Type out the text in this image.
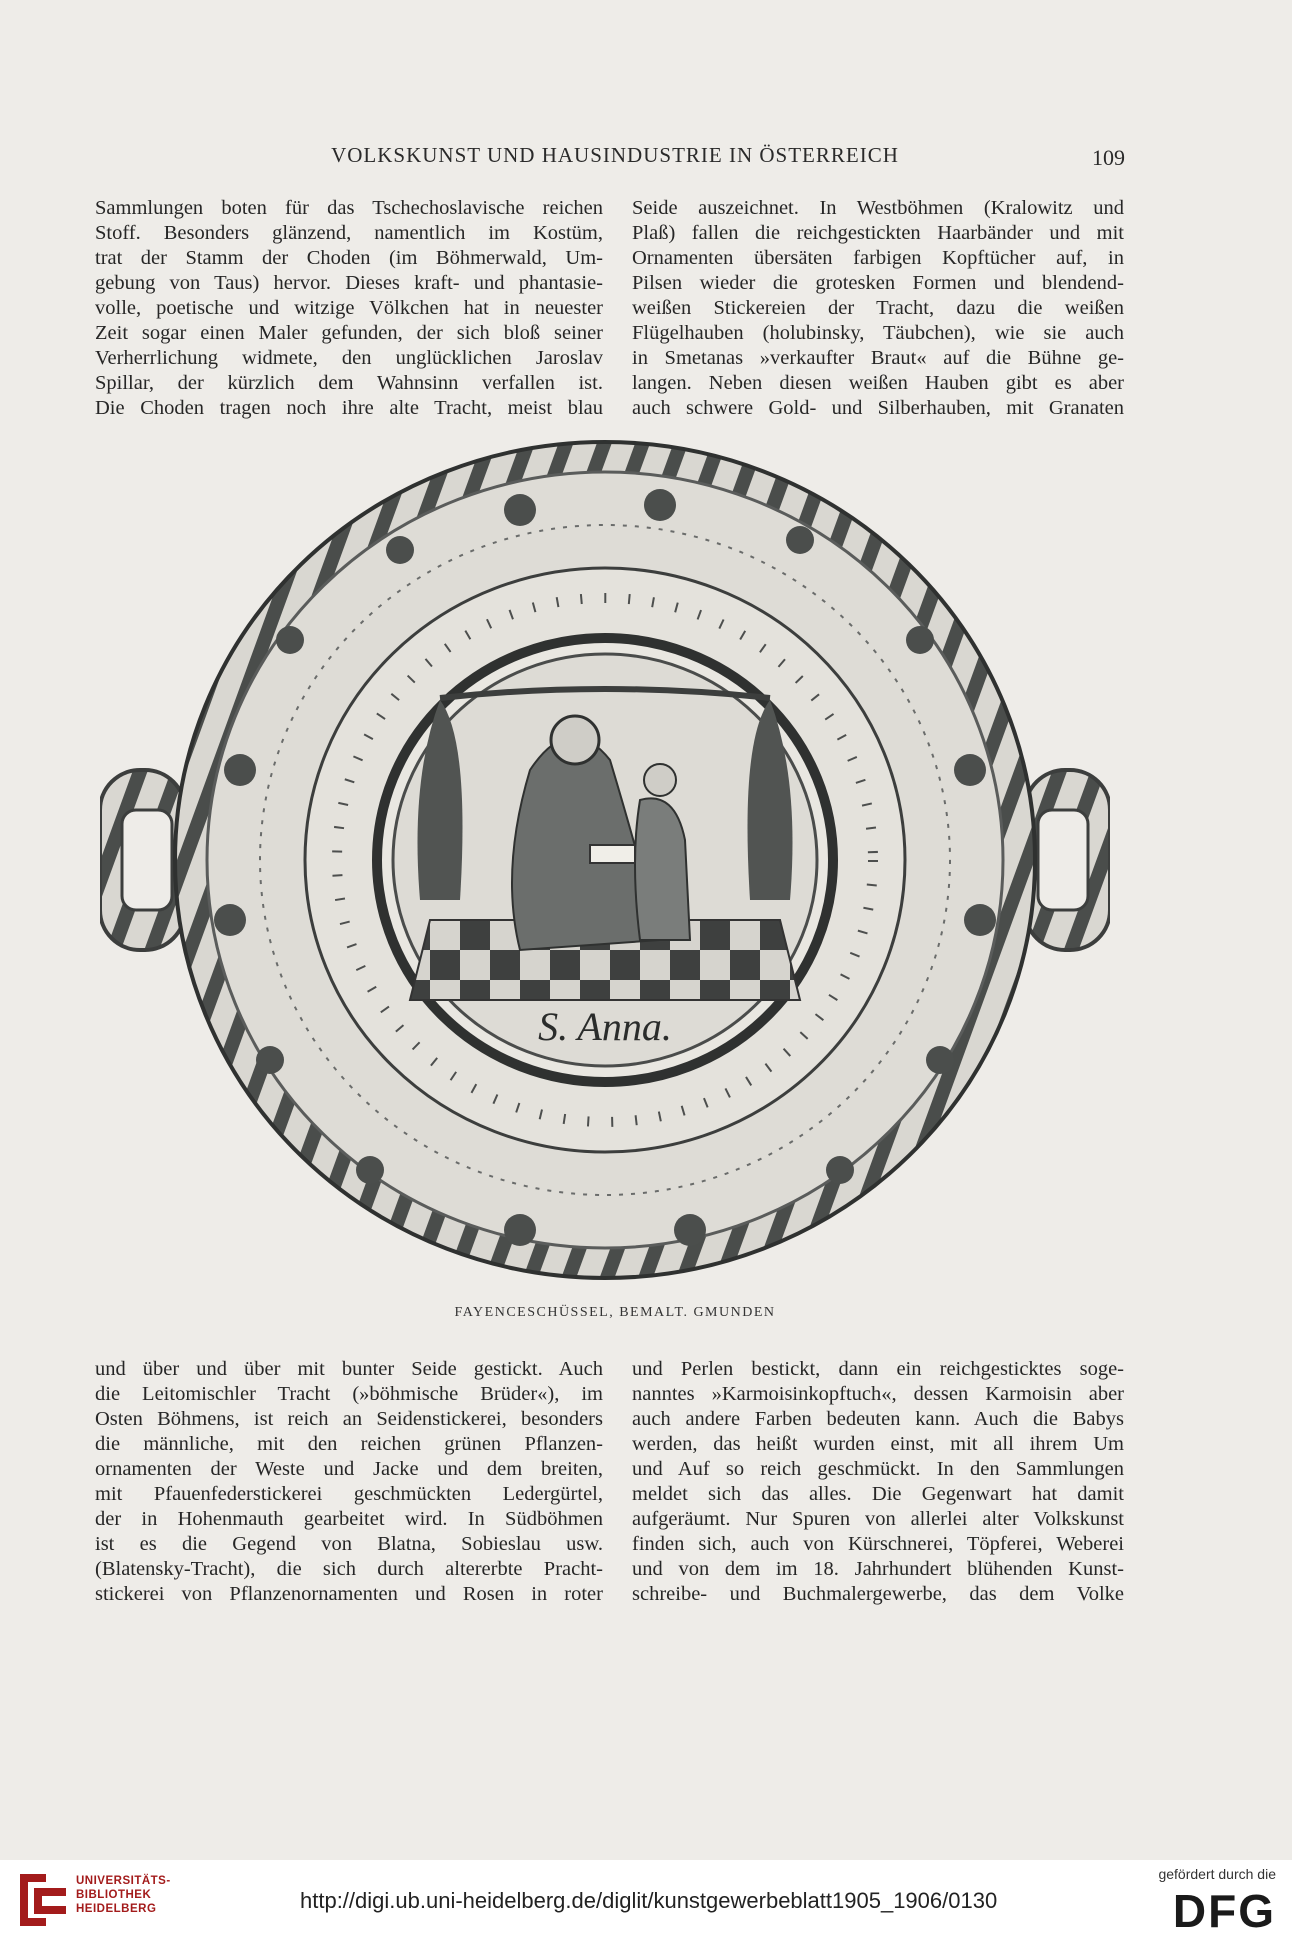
VOLKSKUNST UND HAUSINDUSTRIE IN ÖSTERREICH	109
Sammlungen boten für das Tschechoslavische reichen
Stoff. Besonders glänzend, namentlich im Kostüm,
trat der Stamm der Choden (im Böhmerwald, Um-
gebung von Taus) hervor. Dieses kraft- und phantasie-
volle, poetische und witzige Völkchen hat in neuester
Zeit sogar einen Maler gefunden, der sich bloß seiner
Verherrlichung widmete, den unglücklichen Jaroslav
Spillar, der kürzlich dem Wahnsinn verfallen ist.
Die Choden tragen noch ihre alte Tracht, meist blau
Seide auszeichnet. In Westböhmen (Kralowitz und
Plaß) fallen die reichgestickten Haarbänder und mit
Ornamenten übersäten farbigen Kopftücher auf, in
Pilsen wieder die grotesken Formen und blendend-
weißen Stickereien der Tracht, dazu die weißen
Flügelhauben (holubinsky, Täubchen), wie sie auch
in Smetanas »verkaufter Braut« auf die Bühne ge-
langen. Neben diesen weißen Hauben gibt es aber
auch schwere Gold- und Silberhauben, mit Granaten
S. Anna.
FAYENCESCHÜSSEL, BEMALT. GMUNDEN
und über und über mit bunter Seide gestickt. Auch
die Leitomischler Tracht (»böhmische Brüder«), im
Osten Böhmens, ist reich an Seidenstickerei, besonders
die männliche, mit den reichen grünen Pflanzen-
ornamenten der Weste und Jacke und dem breiten,
mit Pfauenfederstickerei geschmückten Ledergürtel,
der in Hohenmauth gearbeitet wird. In Südböhmen
ist es die Gegend von Blatna, Sobieslau usw.
(Blatensky-Tracht), die sich durch altererbte Pracht-
stickerei von Pflanzenornamenten und Rosen in roter
und Perlen bestickt, dann ein reichgesticktes soge-
nanntes »Karmoisinkopftuch«, dessen Karmoisin aber
auch andere Farben bedeuten kann. Auch die Babys
werden, das heißt wurden einst, mit all ihrem Um
und Auf so reich geschmückt. In den Sammlungen
meldet sich das alles. Die Gegenwart hat damit
aufgeräumt. Nur Spuren von allerlei alter Volkskunst
finden sich, auch von Kürschnerei, Töpferei, Weberei
und von dem im 18. Jahrhundert blühenden Kunst-
schreibe- und Buchmalergewerbe, das dem Volke
UNIVERSITÄTS-
BIBLIOTHEK
HEIDELBERG	http://digi.ub.uni-heidelberg.de/diglit/kunstgewerbeblatt1905_1906/0130
gefördert durch die
DFG
